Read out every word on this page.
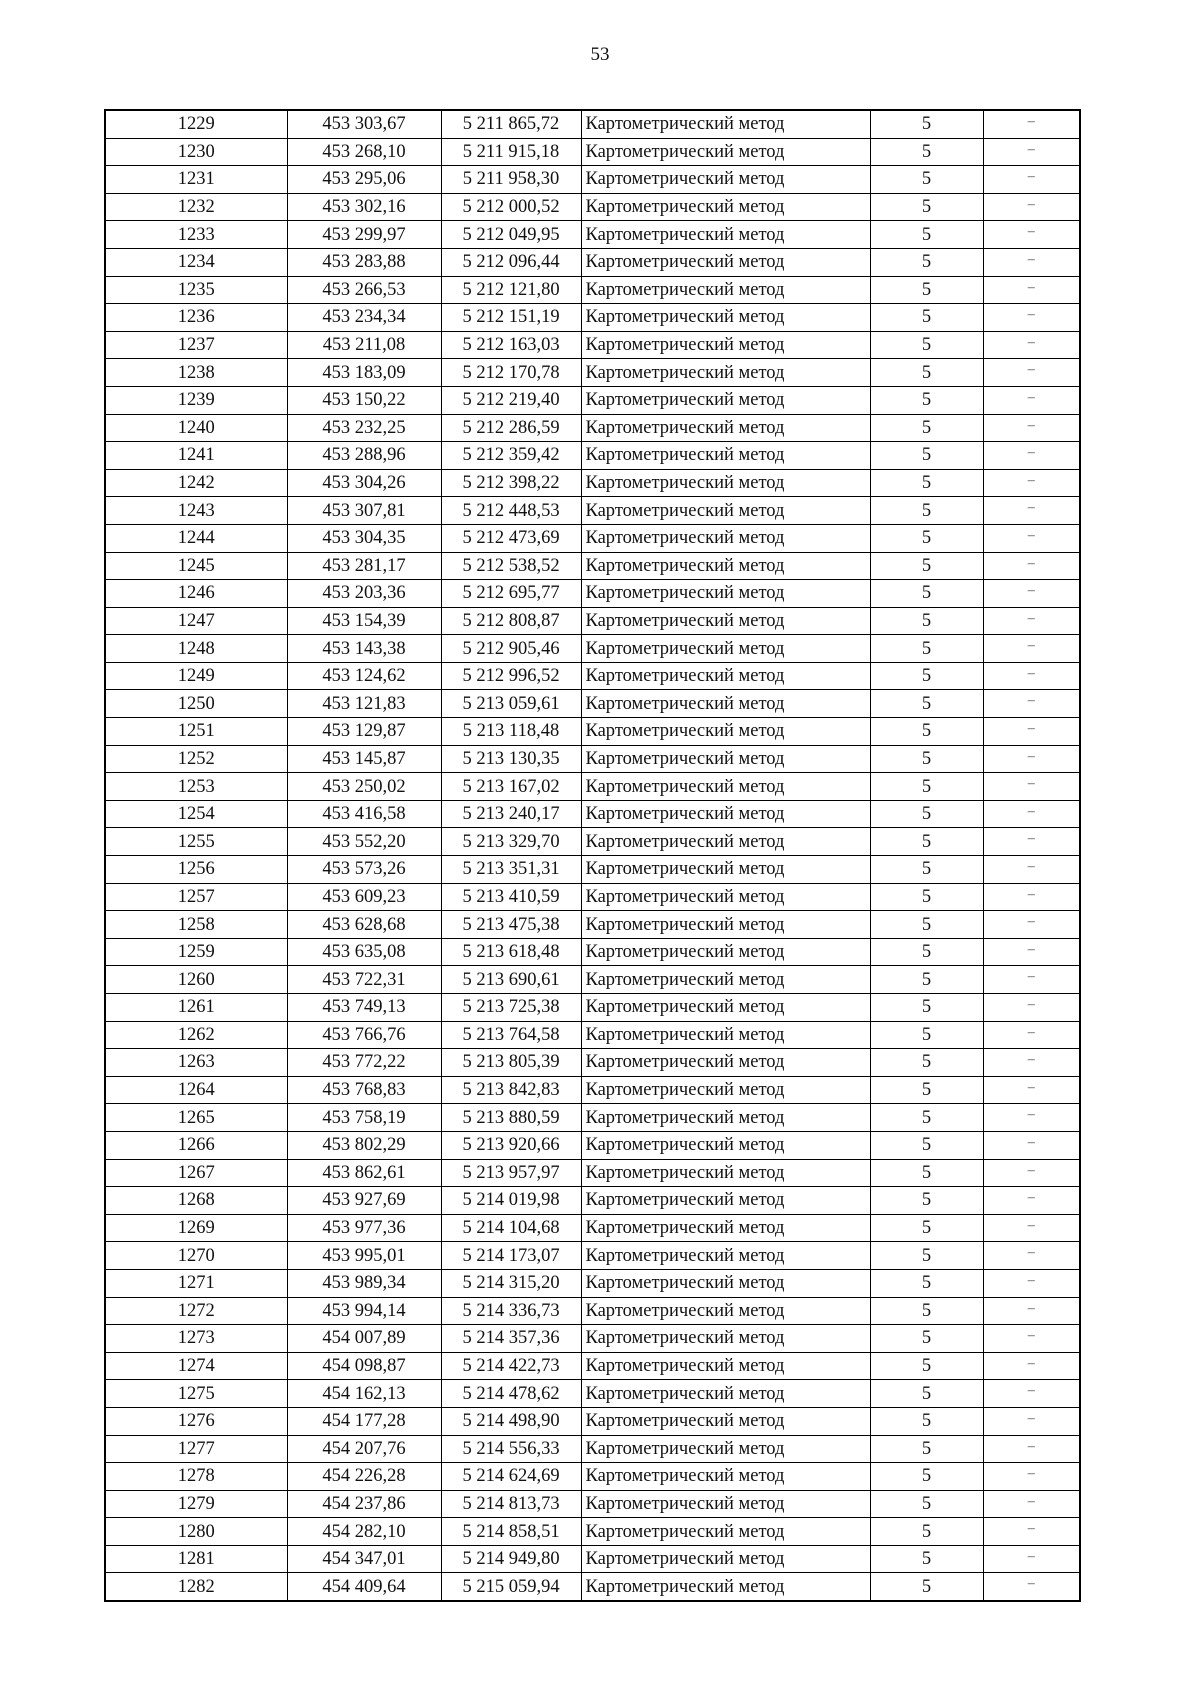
53
1229	453 303,67	5 211 865,72	Картометрический метод	5	–
1230	453 268,10	5 211 915,18	Картометрический метод	5	–
1231	453 295,06	5 211 958,30	Картометрический метод	5	–
1232	453 302,16	5 212 000,52	Картометрический метод	5	–
1233	453 299,97	5 212 049,95	Картометрический метод	5	–
1234	453 283,88	5 212 096,44	Картометрический метод	5	–
1235	453 266,53	5 212 121,80	Картометрический метод	5	–
1236	453 234,34	5 212 151,19	Картометрический метод	5	–
1237	453 211,08	5 212 163,03	Картометрический метод	5	–
1238	453 183,09	5 212 170,78	Картометрический метод	5	–
1239	453 150,22	5 212 219,40	Картометрический метод	5	–
1240	453 232,25	5 212 286,59	Картометрический метод	5	–
1241	453 288,96	5 212 359,42	Картометрический метод	5	–
1242	453 304,26	5 212 398,22	Картометрический метод	5	–
1243	453 307,81	5 212 448,53	Картометрический метод	5	–
1244	453 304,35	5 212 473,69	Картометрический метод	5	–
1245	453 281,17	5 212 538,52	Картометрический метод	5	–
1246	453 203,36	5 212 695,77	Картометрический метод	5	–
1247	453 154,39	5 212 808,87	Картометрический метод	5	–
1248	453 143,38	5 212 905,46	Картометрический метод	5	–
1249	453 124,62	5 212 996,52	Картометрический метод	5	–
1250	453 121,83	5 213 059,61	Картометрический метод	5	–
1251	453 129,87	5 213 118,48	Картометрический метод	5	–
1252	453 145,87	5 213 130,35	Картометрический метод	5	–
1253	453 250,02	5 213 167,02	Картометрический метод	5	–
1254	453 416,58	5 213 240,17	Картометрический метод	5	–
1255	453 552,20	5 213 329,70	Картометрический метод	5	–
1256	453 573,26	5 213 351,31	Картометрический метод	5	–
1257	453 609,23	5 213 410,59	Картометрический метод	5	–
1258	453 628,68	5 213 475,38	Картометрический метод	5	–
1259	453 635,08	5 213 618,48	Картометрический метод	5	–
1260	453 722,31	5 213 690,61	Картометрический метод	5	–
1261	453 749,13	5 213 725,38	Картометрический метод	5	–
1262	453 766,76	5 213 764,58	Картометрический метод	5	–
1263	453 772,22	5 213 805,39	Картометрический метод	5	–
1264	453 768,83	5 213 842,83	Картометрический метод	5	–
1265	453 758,19	5 213 880,59	Картометрический метод	5	–
1266	453 802,29	5 213 920,66	Картометрический метод	5	–
1267	453 862,61	5 213 957,97	Картометрический метод	5	–
1268	453 927,69	5 214 019,98	Картометрический метод	5	–
1269	453 977,36	5 214 104,68	Картометрический метод	5	–
1270	453 995,01	5 214 173,07	Картометрический метод	5	–
1271	453 989,34	5 214 315,20	Картометрический метод	5	–
1272	453 994,14	5 214 336,73	Картометрический метод	5	–
1273	454 007,89	5 214 357,36	Картометрический метод	5	–
1274	454 098,87	5 214 422,73	Картометрический метод	5	–
1275	454 162,13	5 214 478,62	Картометрический метод	5	–
1276	454 177,28	5 214 498,90	Картометрический метод	5	–
1277	454 207,76	5 214 556,33	Картометрический метод	5	–
1278	454 226,28	5 214 624,69	Картометрический метод	5	–
1279	454 237,86	5 214 813,73	Картометрический метод	5	–
1280	454 282,10	5 214 858,51	Картометрический метод	5	–
1281	454 347,01	5 214 949,80	Картометрический метод	5	–
1282	454 409,64	5 215 059,94	Картометрический метод	5	–
